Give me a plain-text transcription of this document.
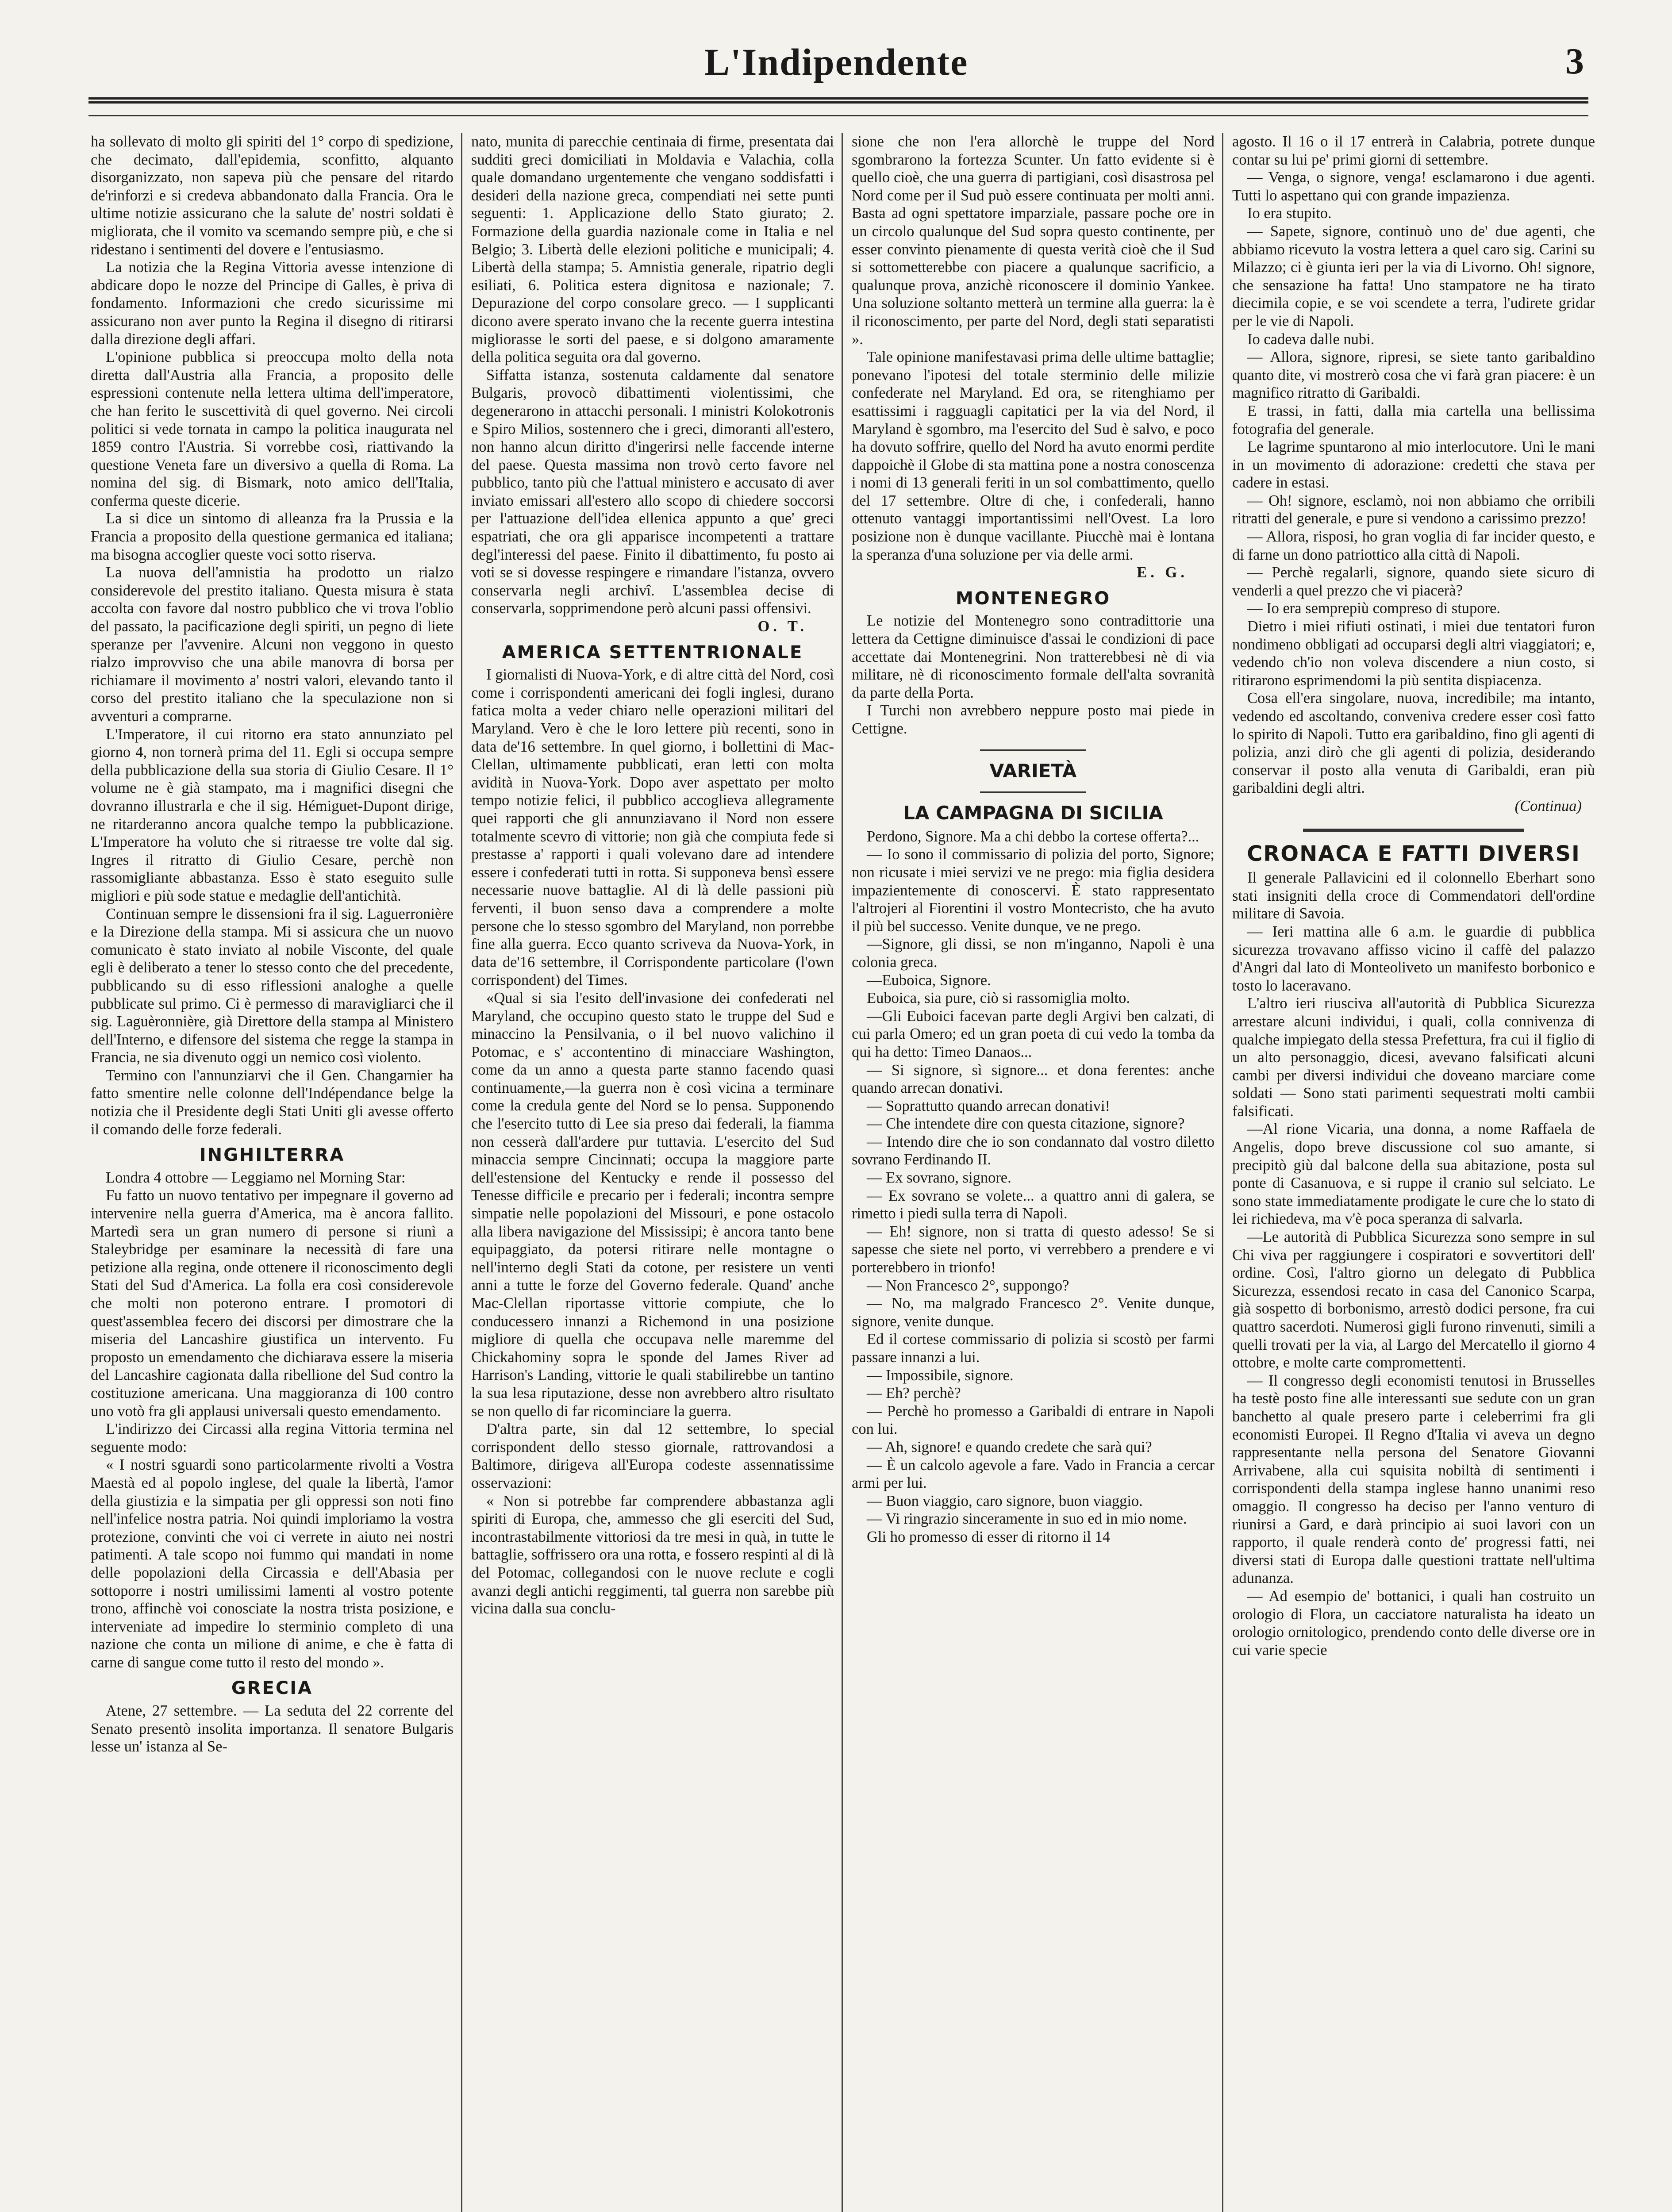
L'Indipendente	3

ha sollevato di molto gli spiriti del 1° corpo di spedizione, che decimato, dall'epidemia, sconfitto, alquanto disorganizzato, non sapeva più che pensare del ritardo de'rinforzi e si credeva abbandonato dalla Francia. Ora le ultime notizie assicurano che la salute de' nostri soldati è migliorata, che il vomito va scemando sempre più, e che si ridestano i sentimenti del dovere e l'entusiasmo.

La notizia che la Regina Vittoria avesse intenzione di abdicare dopo le nozze del Principe di Galles, è priva di fondamento. Informazioni che credo sicurissime mi assicurano non aver punto la Regina il disegno di ritirarsi dalla direzione degli affari.

L'opinione pubblica si preoccupa molto della nota diretta dall'Austria alla Francia, a proposito delle espressioni contenute nella lettera ultima dell'imperatore, che han ferito le suscettività di quel governo. Nei circoli politici si vede tornata in campo la politica inaugurata nel 1859 contro l'Austria. Si vorrebbe così, riattivando la questione Veneta fare un diversivo a quella di Roma. La nomina del sig. di Bismark, noto amico dell'Italia, conferma queste dicerie.

La si dice un sintomo di alleanza fra la Prussia e la Francia a proposito della questione germanica ed italiana; ma bisogna accoglier queste voci sotto riserva.

La nuova dell'amnistia ha prodotto un rialzo considerevole del prestito italiano. Questa misura è stata accolta con favore dal nostro pubblico che vi trova l'oblio del passato, la pacificazione degli spiriti, un pegno di liete speranze per l'avvenire. Alcuni non veggono in questo rialzo improvviso che una abile manovra di borsa per richiamare il movimento a' nostri valori, elevando tanto il corso del prestito italiano che la speculazione non si avventuri a comprarne.

L'Imperatore, il cui ritorno era stato annunziato pel giorno 4, non tornerà prima del 11. Egli si occupa sempre della pubblicazione della sua storia di Giulio Cesare. Il 1° volume ne è già stampato, ma i magnifici disegni che dovranno illustrarla e che il sig. Hémiguet-Dupont dirige, ne ritarderanno ancora qualche tempo la pubblicazione. L'Imperatore ha voluto che si ritraesse tre volte dal sig. Ingres il ritratto di Giulio Cesare, perchè non rassomigliante abbastanza. Esso è stato eseguito sulle migliori e più sode statue e medaglie dell'antichità.

Continuan sempre le dissensioni fra il sig. Laguerronière e la Direzione della stampa. Mi si assicura che un nuovo comunicato è stato inviato al nobile Visconte, del quale egli è deliberato a tener lo stesso conto che del precedente, pubblicando su di esso riflessioni analoghe a quelle pubblicate sul primo. Ci è permesso di maravigliarci che il sig. Laguèronnière, già Direttore della stampa al Ministero dell'Interno, e difensore del sistema che regge la stampa in Francia, ne sia divenuto oggi un nemico così violento.

Termino con l'annunziarvi che il Gen. Changarnier ha fatto smentire nelle colonne dell'Indépendance belge la notizia che il Presidente degli Stati Uniti gli avesse offerto il comando delle forze federali.

INGHILTERRA

Londra 4 ottobre — Leggiamo nel Morning Star:

Fu fatto un nuovo tentativo per impegnare il governo ad intervenire nella guerra d'America, ma è ancora fallito. Martedì sera un gran numero di persone si riunì a Staleybridge per esaminare la necessità di fare una petizione alla regina, onde ottenere il riconoscimento degli Stati del Sud d'America. La folla era così considerevole che molti non poterono entrare. I promotori di quest'assemblea fecero dei discorsi per dimostrare che la miseria del Lancashire giustifica un intervento. Fu proposto un emendamento che dichiarava essere la miseria del Lancashire cagionata dalla ribellione del Sud contro la costituzione americana. Una maggioranza di 100 contro uno votò fra gli applausi universali questo emendamento.

L'indirizzo dei Circassi alla regina Vittoria termina nel seguente modo:

« I nostri sguardi sono particolarmente rivolti a Vostra Maestà ed al popolo inglese, del quale la libertà, l'amor della giustizia e la simpatia per gli oppressi son noti fino nell'infelice nostra patria. Noi quindi imploriamo la vostra protezione, convinti che voi ci verrete in aiuto nei nostri patimenti. A tale scopo noi fummo qui mandati in nome delle popolazioni della Circassia e dell'Abasia per sottoporre i nostri umilissimi lamenti al vostro potente trono, affinchè voi conosciate la nostra trista posizione, e interveniate ad impedire lo sterminio completo di una nazione che conta un milione di anime, e che è fatta di carne di sangue come tutto il resto del mondo ».

GRECIA

Atene, 27 settembre. — La seduta del 22 corrente del Senato presentò insolita importanza. Il senatore Bulgaris lesse un' istanza al Se-

nato, munita di parecchie centinaia di firme, presentata dai sudditi greci domiciliati in Moldavia e Valachia, colla quale domandano urgentemente che vengano soddisfatti i desideri della nazione greca, compendiati nei sette punti seguenti: 1. Applicazione dello Stato giurato; 2. Formazione della guardia nazionale come in Italia e nel Belgio; 3. Libertà delle elezioni politiche e municipali; 4. Libertà della stampa; 5. Amnistia generale, ripatrio degli esiliati, 6. Politica estera dignitosa e nazionale; 7. Depurazione del corpo consolare greco. — I supplicanti dicono avere sperato invano che la recente guerra intestina migliorasse le sorti del paese, e si dolgono amaramente della politica seguita ora dal governo.

Siffatta istanza, sostenuta caldamente dal senatore Bulgaris, provocò dibattimenti violentissimi, che degenerarono in attacchi personali. I ministri Kolokotronis e Spiro Milios, sostennero che i greci, dimoranti all'estero, non hanno alcun diritto d'ingerirsi nelle faccende interne del paese. Questa massima non trovò certo favore nel pubblico, tanto più che l'attual ministero e accusato di aver inviato emissari all'estero allo scopo di chiedere soccorsi per l'attuazione dell'idea ellenica appunto a que' greci espatriati, che ora gli apparisce incompetenti a trattare degl'interessi del paese. Finito il dibattimento, fu posto ai voti se si dovesse respingere e rimandare l'istanza, ovvero conservarla negli archivî. L'assemblea decise di conservarla, sopprimendone però alcuni passi offensivi.

O. T.
AMERICA SETTENTRIONALE

I giornalisti di Nuova-York, e di altre città del Nord, così come i corrispondenti americani dei fogli inglesi, durano fatica molta a veder chiaro nelle operazioni militari del Maryland. Vero è che le loro lettere più recenti, sono in data de'16 settembre. In quel giorno, i bollettini di Mac-Clellan, ultimamente pubblicati, eran letti con molta avidità in Nuova-York. Dopo aver aspettato per molto tempo notizie felici, il pubblico accoglieva allegramente quei rapporti che gli annunziavano il Nord non essere totalmente scevro di vittorie; non già che compiuta fede si prestasse a' rapporti i quali volevano dare ad intendere essere i confederati tutti in rotta. Si supponeva bensì essere necessarie nuove battaglie. Al di là delle passioni più ferventi, il buon senso dava a comprendere a molte persone che lo stesso sgombro del Maryland, non porrebbe fine alla guerra. Ecco quanto scriveva da Nuova-York, in data de'16 settembre, il Corrispondente particolare (l'own corrispondent) del Times.

«Qual si sia l'esito dell'invasione dei confederati nel Maryland, che occupino questo stato le truppe del Sud e minaccino la Pensilvania, o il bel nuovo valichino il Potomac, e s' accontentino di minacciare Washington, come da un anno a questa parte stanno facendo quasi continuamente,—la guerra non è così vicina a terminare come la credula gente del Nord se lo pensa. Supponendo che l'esercito tutto di Lee sia preso dai federali, la fiamma non cesserà dall'ardere pur tuttavia. L'esercito del Sud minaccia sempre Cincinnati; occupa la maggiore parte dell'estensione del Kentucky e rende il possesso del Tenesse difficile e precario per i federali; incontra sempre simpatie nelle popolazioni del Missouri, e pone ostacolo alla libera navigazione del Mississipi; è ancora tanto bene equipaggiato, da potersi ritirare nelle montagne o nell'interno degli Stati da cotone, per resistere un venti anni a tutte le forze del Governo federale. Quand' anche Mac-Clellan riportasse vittorie compiute, che lo conducessero innanzi a Richemond in una posizione migliore di quella che occupava nelle maremme del Chickahominy sopra le sponde del James River ad Harrison's Landing, vittorie le quali stabilirebbe un tantino la sua lesa riputazione, desse non avrebbero altro risultato se non quello di far ricominciare la guerra.

D'altra parte, sin dal 12 settembre, lo special corrispondent dello stesso giornale, rattrovandosi a Baltimore, dirigeva all'Europa codeste assennatissime osservazioni:

« Non si potrebbe far comprendere abbastanza agli spiriti di Europa, che, ammesso che gli eserciti del Sud, incontrastabilmente vittoriosi da tre mesi in quà, in tutte le battaglie, soffrissero ora una rotta, e fossero respinti al di là del Potomac, collegandosi con le nuove reclute e cogli avanzi degli antichi reggimenti, tal guerra non sarebbe più vicina dalla sua conclu-

sione che non l'era allorchè le truppe del Nord sgombrarono la fortezza Scunter. Un fatto evidente si è quello cioè, che una guerra di partigiani, così disastrosa pel Nord come per il Sud può essere continuata per molti anni. Basta ad ogni spettatore imparziale, passare poche ore in un circolo qualunque del Sud sopra questo continente, per esser convinto pienamente di questa verità cioè che il Sud si sottometterebbe con piacere a qualunque sacrificio, a qualunque prova, anzichè riconoscere il dominio Yankee. Una soluzione soltanto metterà un termine alla guerra: la è il riconoscimento, per parte del Nord, degli stati separatisti ».

Tale opinione manifestavasi prima delle ultime battaglie; ponevano l'ipotesi del totale sterminio delle milizie confederate nel Maryland. Ed ora, se ritenghiamo per esattissimi i ragguagli capitatici per la via del Nord, il Maryland è sgombro, ma l'esercito del Sud è salvo, e poco ha dovuto soffrire, quello del Nord ha avuto enormi perdite dappoichè il Globe di sta mattina pone a nostra conoscenza i nomi di 13 generali feriti in un sol combattimento, quello del 17 settembre. Oltre di che, i confederali, hanno ottenuto vantaggi importantissimi nell'Ovest. La loro posizione non è dunque vacillante. Piucchè mai è lontana la speranza d'una soluzione per via delle armi.

E. G.
MONTENEGRO

Le notizie del Montenegro sono contradittorie una lettera da Cettigne diminuisce d'assai le condizioni di pace accettate dai Montenegrini. Non tratterebbesi nè di via militare, nè di riconoscimento formale dell'alta sovranità da parte della Porta.

I Turchi non avrebbero neppure posto mai piede in Cettigne.

VARIETÀ
LA CAMPAGNA DI SICILIA

Perdono, Signore. Ma a chi debbo la cortese offerta?...

— Io sono il commissario di polizia del porto, Signore; non ricusate i miei servizi ve ne prego: mia figlia desidera impazientemente di conoscervi. È stato rappresentato l'altrojeri al Fiorentini il vostro Montecristo, che ha avuto il più bel successo. Venite dunque, ve ne prego.

—Signore, gli dissi, se non m'inganno, Napoli è una colonia greca.

—Euboica, Signore.

Euboica, sia pure, ciò si rassomiglia molto.

—Gli Euboici facevan parte degli Argivi ben calzati, di cui parla Omero; ed un gran poeta di cui vedo la tomba da qui ha detto: Timeo Danaos...

— Si signore, sì signore... et dona ferentes: anche quando arrecan donativi.

— Soprattutto quando arrecan donativi!

— Che intendete dire con questa citazione, signore?

— Intendo dire che io son condannato dal vostro diletto sovrano Ferdinando II.

— Ex sovrano, signore.

— Ex sovrano se volete... a quattro anni di galera, se rimetto i piedi sulla terra di Napoli.

— Eh! signore, non si tratta di questo adesso! Se si sapesse che siete nel porto, vi verrebbero a prendere e vi porterebbero in trionfo!

— Non Francesco 2°, suppongo?

— No, ma malgrado Francesco 2°. Venite dunque, signore, venite dunque.

Ed il cortese commissario di polizia si scostò per farmi passare innanzi a lui.

— Impossibile, signore.

— Eh? perchè?

— Perchè ho promesso a Garibaldi di entrare in Napoli con lui.

— Ah, signore! e quando credete che sarà qui?

— È un calcolo agevole a fare. Vado in Francia a cercar armi per lui.

— Buon viaggio, caro signore, buon viaggio.

— Vi ringrazio sinceramente in suo ed in mio nome.

Gli ho promesso di esser di ritorno il 14

agosto. Il 16 o il 17 entrerà in Calabria, potrete dunque contar su lui pe' primi giorni di settembre.

— Venga, o signore, venga! esclamarono i due agenti. Tutti lo aspettano qui con grande impazienza.

Io era stupito.

— Sapete, signore, continuò uno de' due agenti, che abbiamo ricevuto la vostra lettera a quel caro sig. Carini su Milazzo; ci è giunta ieri per la via di Livorno. Oh! signore, che sensazione ha fatta! Uno stampatore ne ha tirato diecimila copie, e se voi scendete a terra, l'udirete gridar per le vie di Napoli.

Io cadeva dalle nubi.

— Allora, signore, ripresi, se siete tanto garibaldino quanto dite, vi mostrerò cosa che vi farà gran piacere: è un magnifico ritratto di Garibaldi.

E trassi, in fatti, dalla mia cartella una bellissima fotografia del generale.

Le lagrime spuntarono al mio interlocutore. Unì le mani in un movimento di adorazione: credetti che stava per cadere in estasi.

— Oh! signore, esclamò, noi non abbiamo che orribili ritratti del generale, e pure si vendono a carissimo prezzo!

— Allora, risposi, ho gran voglia di far incider questo, e di farne un dono patriottico alla città di Napoli.

— Perchè regalarli, signore, quando siete sicuro di venderli a quel prezzo che vi piacerà?

— Io era semprepiù compreso di stupore.

Dietro i miei rifiuti ostinati, i miei due tentatori furon nondimeno obbligati ad occuparsi degli altri viaggiatori; e, vedendo ch'io non voleva discendere a niun costo, si ritirarono esprimendomi la più sentita dispiacenza.

Cosa ell'era singolare, nuova, incredibile; ma intanto, vedendo ed ascoltando, conveniva credere esser così fatto lo spirito di Napoli. Tutto era garibaldino, fino gli agenti di polizia, anzi dirò che gli agenti di polizia, desiderando conservar il posto alla venuta di Garibaldi, eran più garibaldini degli altri.

(Continua)
CRONACA E FATTI DIVERSI

Il generale Pallavicini ed il colonnello Eberhart sono stati insigniti della croce di Commendatori dell'ordine militare di Savoia.

— Ieri mattina alle 6 a.m. le guardie di pubblica sicurezza trovavano affisso vicino il caffè del palazzo d'Angri dal lato di Monteoliveto un manifesto borbonico e tosto lo laceravano.

L'altro ieri riusciva all'autorità di Pubblica Sicurezza arrestare alcuni individui, i quali, colla connivenza di qualche impiegato della stessa Prefettura, fra cui il figlio di un alto personaggio, dicesi, avevano falsificati alcuni cambi per diversi individui che doveano marciare come soldati — Sono stati parimenti sequestrati molti cambii falsificati.

—Al rione Vicaria, una donna, a nome Raffaela de Angelis, dopo breve discussione col suo amante, si precipitò giù dal balcone della sua abitazione, posta sul ponte di Casanuova, e si ruppe il cranio sul selciato. Le sono state immediatamente prodigate le cure che lo stato di lei richiedeva, ma v'è poca speranza di salvarla.

—Le autorità di Pubblica Sicurezza sono sempre in sul Chi viva per raggiungere i cospiratori e sovvertitori dell' ordine. Così, l'altro giorno un delegato di Pubblica Sicurezza, essendosi recato in casa del Canonico Scarpa, già sospetto di borbonismo, arrestò dodici persone, fra cui quattro sacerdoti. Numerosi gigli furono rinvenuti, simili a quelli trovati per la via, al Largo del Mercatello il giorno 4 ottobre, e molte carte compromettenti.

— Il congresso degli economisti tenutosi in Brusselles ha testè posto fine alle interessanti sue sedute con un gran banchetto al quale presero parte i celeberrimi fra gli economisti Europei. Il Regno d'Italia vi aveva un degno rappresentante nella persona del Senatore Giovanni Arrivabene, alla cui squisita nobiltà di sentimenti i corrispondenti della stampa inglese hanno unanimi reso omaggio. Il congresso ha deciso per l'anno venturo di riunirsi a Gard, e darà principio ai suoi lavori con un rapporto, il quale renderà conto de' progressi fatti, nei diversi stati di Europa dalle questioni trattate nell'ultima adunanza.

— Ad esempio de' bottanici, i quali han costruito un orologio di Flora, un cacciatore naturalista ha ideato un orologio ornitologico, prendendo conto delle diverse ore in cui varie specie
